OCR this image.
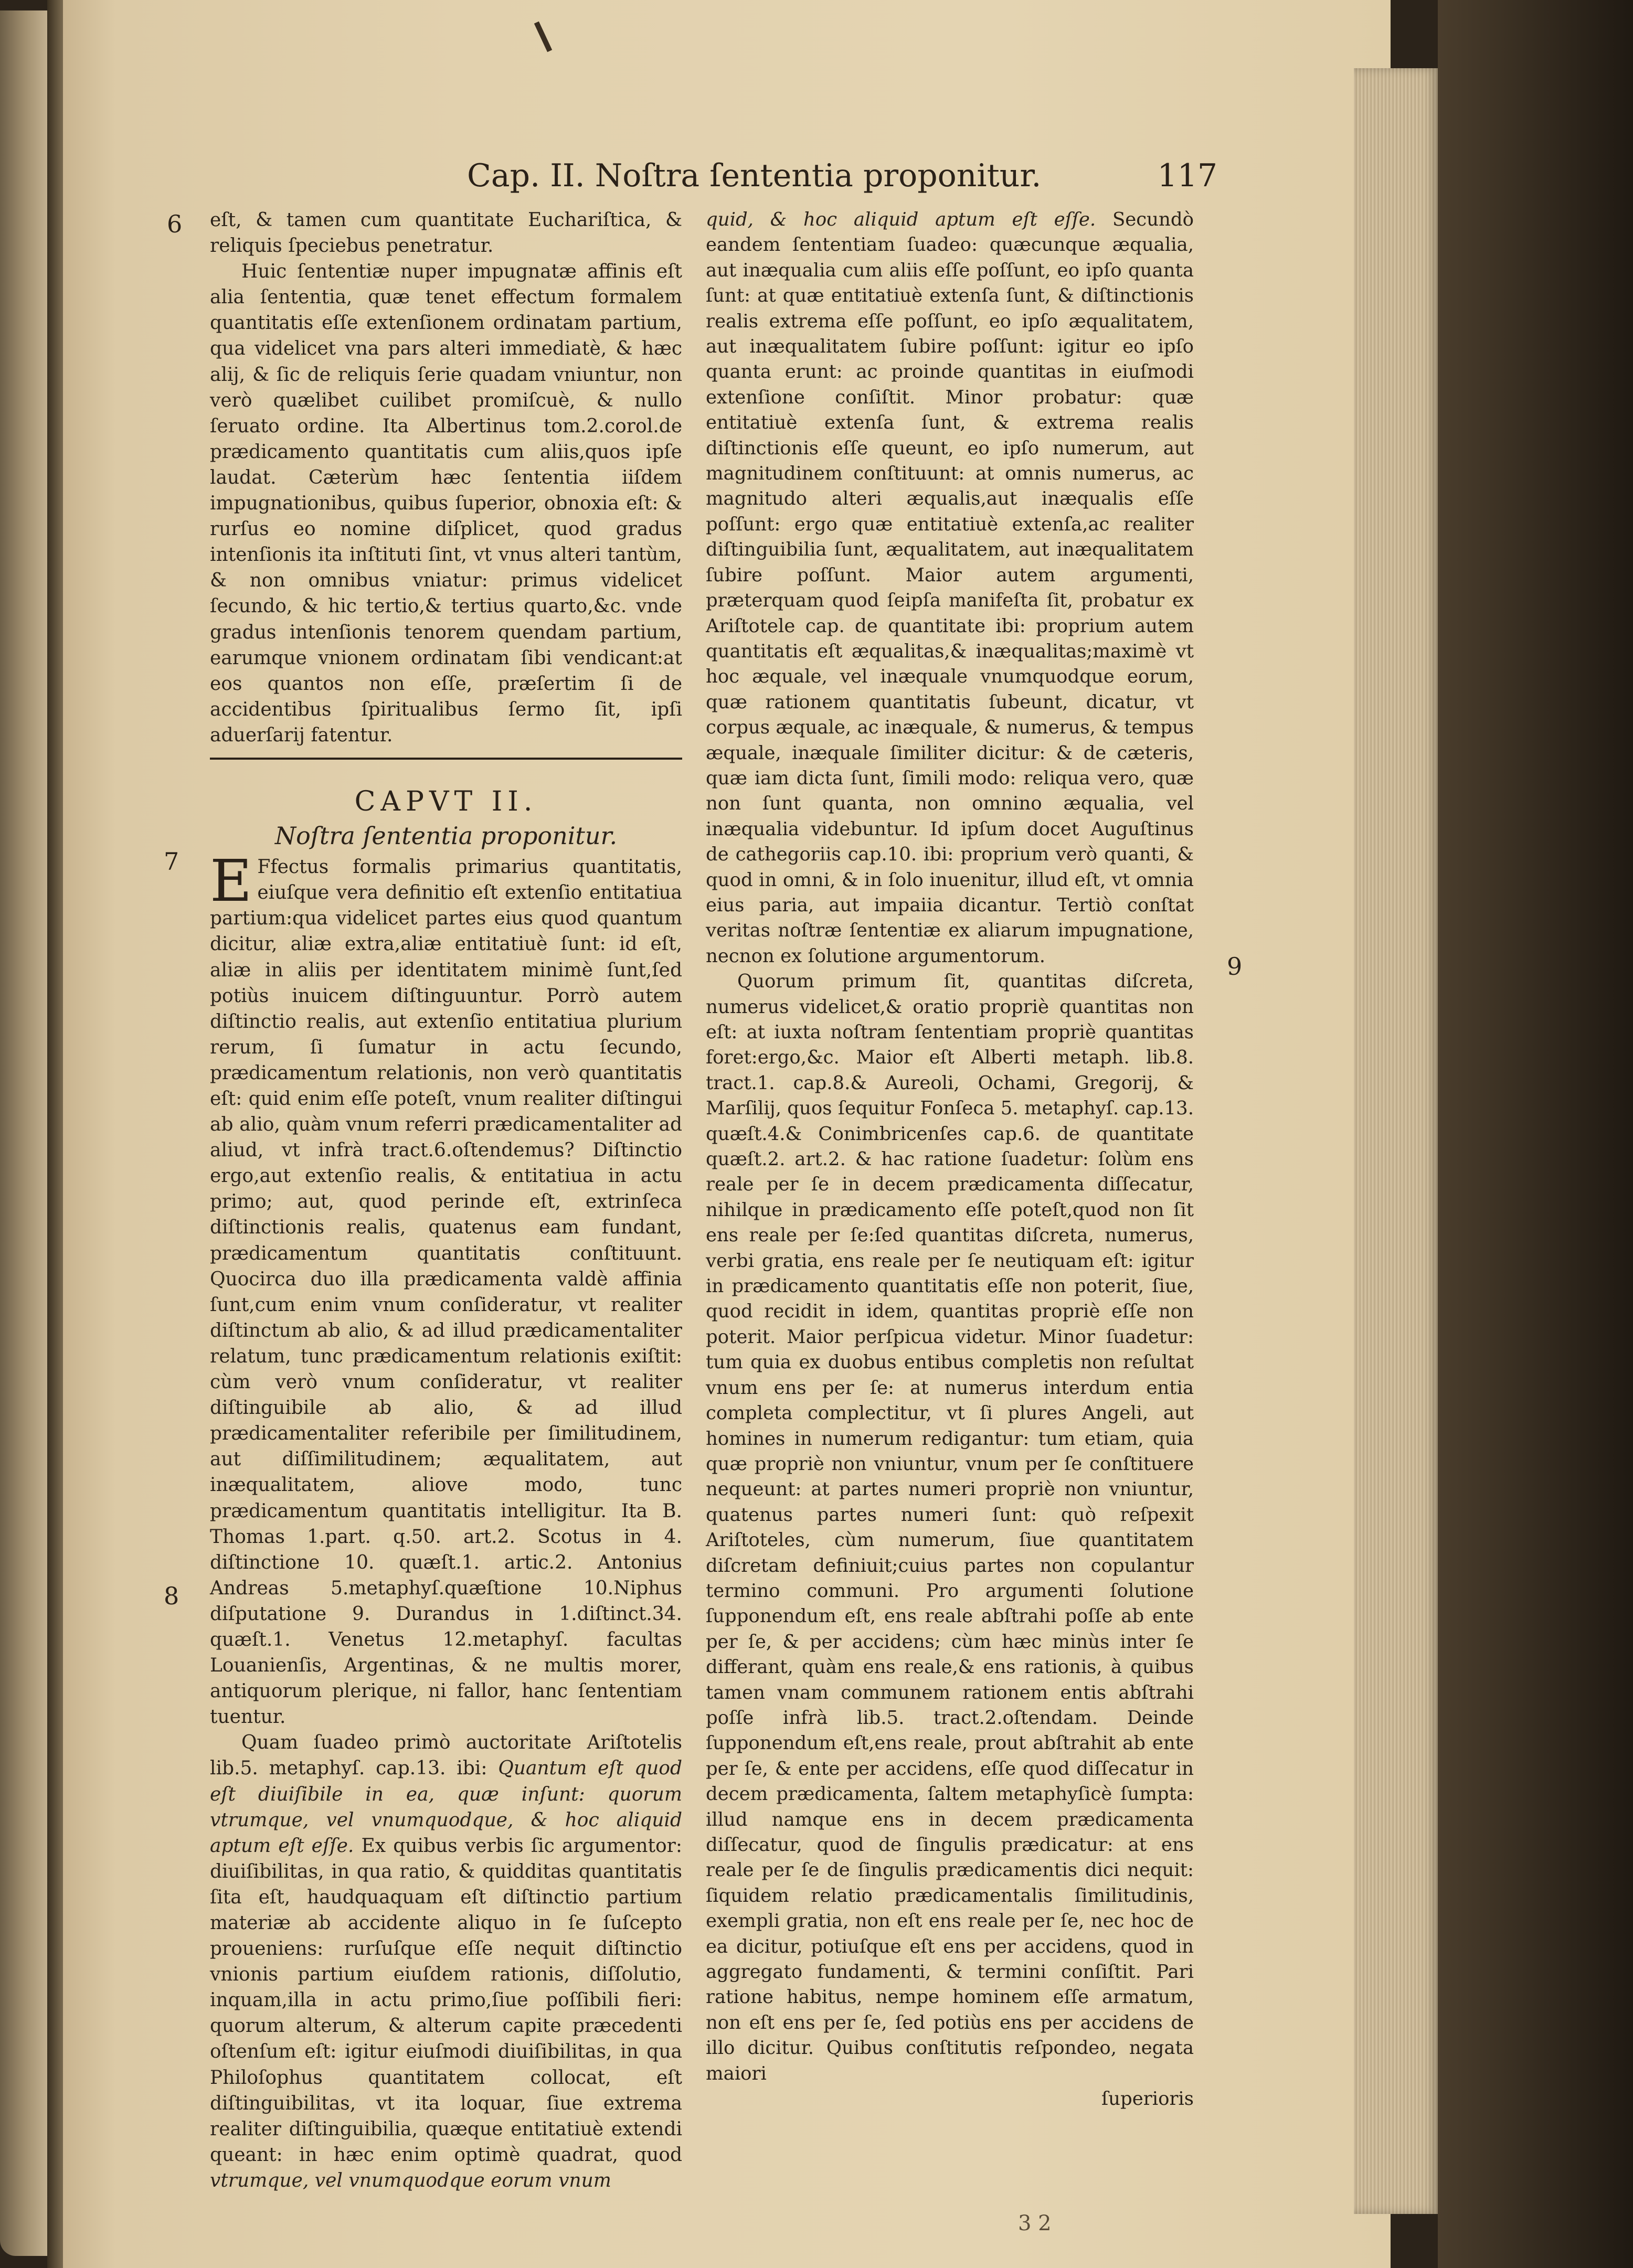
Cap. II. Noſtra ſententia proponitur.	117
6
7
8
9

eſt, & tamen cum quantitate Euchariſtica, & reliquis ſpeciebus penetratur.

Huic ſententiæ nuper impugnatæ affinis eſt alia ſententia, quæ tenet effectum formalem quantitatis eſſe extenſionem ordinatam partium, qua videlicet vna pars alteri immediatè, & hæc alij, & ſic de reliquis ſerie quadam vniuntur, non verò quælibet cuilibet promiſcuè, & nullo ſeruato ordine. Ita Albertinus tom.2.corol.de prædicamento quantitatis cum aliis,quos ipſe laudat. Cæterùm hæc ſententia iiſdem impugnationibus, quibus ſuperior, obnoxia eſt: & rurſus eo nomine diſplicet, quod gradus intenſionis ita inſtituti ſint, vt vnus alteri tantùm, & non omnibus vniatur: primus videlicet ſecundo, & hic tertio,& tertius quarto,&c. vnde gradus intenſionis tenorem quendam partium, earumque vnionem ordinatam ſibi vendicant:at eos quantos non eſſe, præſertim ſi de accidentibus ſpiritualibus ſermo ſit, ipſi aduerſarij fatentur.

CAPVT II.
Noſtra ſententia proponitur.

E Ffectus formalis primarius quantitatis, eiuſque vera definitio eſt extenſio entitatiua partium:qua videlicet partes eius quod quantum dicitur, aliæ extra,aliæ entitatiuè ſunt: id eſt, aliæ in aliis per identitatem minimè ſunt,ſed potiùs inuicem diſtinguuntur. Porrò autem diſtinctio realis, aut extenſio entitatiua plurium rerum, ſi ſumatur in actu ſecundo, prædicamentum relationis, non verò quantitatis eſt: quid enim eſſe poteſt, vnum realiter diſtingui ab alio, quàm vnum referri prædicamentaliter ad aliud, vt infrà tract.6.oſtendemus? Diſtinctio ergo,aut extenſio realis, & entitatiua in actu primo; aut, quod perinde eſt, extrinſeca diſtinctionis realis, quatenus eam fundant, prædicamentum quantitatis conſtituunt. Quocirca duo illa prædicamenta valdè affinia ſunt,cum enim vnum conſideratur, vt realiter diſtinctum ab alio, & ad illud prædicamentaliter relatum, tunc prædicamentum relationis exiſtit: cùm verò vnum conſideratur, vt realiter diſtinguibile ab alio, & ad illud prædicamentaliter referibile per ſimilitudinem, aut diſſimilitudinem; æqualitatem, aut inæqualitatem, aliove modo, tunc prædicamentum quantitatis intelligitur. Ita B. Thomas 1.part. q.50. art.2. Scotus in 4. diſtinctione 10. quæſt.1. artic.2. Antonius Andreas 5.metaphyſ.quæſtione 10.Niphus diſputatione 9. Durandus in 1.diſtinct.34. quæſt.1. Venetus 12.metaphyſ. facultas Louanienſis, Argentinas, & ne multis morer, antiquorum plerique, ni fallor, hanc ſententiam tuentur.

Quam ſuadeo primò auctoritate Ariſtotelis lib.5. metaphyſ. cap.13. ibi: Quantum eſt quod eſt diuiſibile in ea, quæ inſunt: quorum vtrumque, vel vnumquodque, & hoc aliquid aptum eſt eſſe. Ex quibus verbis ſic argumentor: diuiſibilitas, in qua ratio, & quidditas quantitatis ſita eſt, haudquaquam eſt diſtinctio partium materiæ ab accidente aliquo in ſe ſuſcepto proueniens: rurſuſque eſſe nequit diſtinctio vnionis partium eiuſdem rationis, diſſolutio, inquam,illa in actu primo,ſiue poſſibili fieri: quorum alterum, & alterum capite præcedenti oſtenſum eſt: igitur eiuſmodi diuiſibilitas, in qua Philoſophus quantitatem collocat, eſt diſtinguibilitas, vt ita loquar, ſiue extrema realiter diſtinguibilia, quæque entitatiuè extendi queant: in hæc enim optimè quadrat, quod vtrumque, vel vnumquodque eorum vnum

quid, & hoc aliquid aptum eſt eſſe. Secundò eandem ſententiam ſuadeo: quæcunque æqualia, aut inæqualia cum aliis eſſe poſſunt, eo ipſo quanta ſunt: at quæ entitatiuè extenſa ſunt, & diſtinctionis realis extrema eſſe poſſunt, eo ipſo æqualitatem, aut inæqualitatem ſubire poſſunt: igitur eo ipſo quanta erunt: ac proinde quantitas in eiuſmodi extenſione conſiſtit. Minor probatur: quæ entitatiuè extenſa ſunt, & extrema realis diſtinctionis eſſe queunt, eo ipſo numerum, aut magnitudinem conſtituunt: at omnis numerus, ac magnitudo alteri æqualis,aut inæqualis eſſe poſſunt: ergo quæ entitatiuè extenſa,ac realiter diſtinguibilia ſunt, æqualitatem, aut inæqualitatem ſubire poſſunt. Maior autem argumenti, præterquam quod ſeipſa manifeſta ſit, probatur ex Ariſtotele cap. de quantitate ibi: proprium autem quantitatis eſt æqualitas,& inæqualitas;maximè vt hoc æquale, vel inæquale vnumquodque eorum, quæ rationem quantitatis ſubeunt, dicatur, vt corpus æquale, ac inæquale, & numerus, & tempus æquale, inæquale ſimiliter dicitur: & de cæteris, quæ iam dicta ſunt, ſimili modo: reliqua vero, quæ non ſunt quanta, non omnino æqualia, vel inæqualia videbuntur. Id ipſum docet Auguſtinus de cathegoriis cap.10. ibi: proprium verò quanti, & quod in omni, & in ſolo inuenitur, illud eſt, vt omnia eius paria, aut impaiia dicantur. Tertiò conſtat veritas noſtræ ſententiæ ex aliarum impugnatione, necnon ex ſolutione argumentorum.

Quorum primum ſit, quantitas diſcreta, numerus videlicet,& oratio propriè quantitas non eſt: at iuxta noſtram ſententiam propriè quantitas foret:ergo,&c. Maior eſt Alberti metaph. lib.8. tract.1. cap.8.& Aureoli, Ochami, Gregorij, & Marſilij, quos ſequitur Fonſeca 5. metaphyſ. cap.13. quæſt.4.& Conimbricenſes cap.6. de quantitate quæſt.2. art.2. & hac ratione ſuadetur: ſolùm ens reale per ſe in decem prædicamenta diſſecatur, nihilque in prædicamento eſſe poteſt,quod non ſit ens reale per ſe:ſed quantitas diſcreta, numerus, verbi gratia, ens reale per ſe neutiquam eſt: igitur in prædicamento quantitatis eſſe non poterit, ſiue, quod recidit in idem, quantitas propriè eſſe non poterit. Maior perſpicua videtur. Minor ſuadetur: tum quia ex duobus entibus completis non reſultat vnum ens per ſe: at numerus interdum entia completa complectitur, vt ſi plures Angeli, aut homines in numerum redigantur: tum etiam, quia quæ propriè non vniuntur, vnum per ſe conſtituere nequeunt: at partes numeri propriè non vniuntur, quatenus partes numeri ſunt: quò reſpexit Ariſtoteles, cùm numerum, ſiue quantitatem diſcretam definiuit;cuius partes non copulantur termino communi. Pro argumenti ſolutione ſupponendum eſt, ens reale abſtrahi poſſe ab ente per ſe, & per accidens; cùm hæc minùs inter ſe differant, quàm ens reale,& ens rationis, à quibus tamen vnam communem rationem entis abſtrahi poſſe infrà lib.5. tract.2.oſtendam. Deinde ſupponendum eſt,ens reale, prout abſtrahit ab ente per ſe, & ente per accidens, eſſe quod diſſecatur in decem prædicamenta, ſaltem metaphyſicè ſumpta: illud namque ens in decem prædicamenta diſſecatur, quod de ſingulis prædicatur: at ens reale per ſe de ſingulis prædicamentis dici nequit: ſiquidem relatio prædicamentalis ſimilitudinis, exempli gratia, non eſt ens reale per ſe, nec hoc de ea dicitur, potiuſque eſt ens per accidens, quod in aggregato fundamenti, & termini conſiſtit. Pari ratione habitus, nempe hominem eſſe armatum, non eſt ens per ſe, ſed potiùs ens per accidens de illo dicitur. Quibus conſtitutis reſpondeo, negata maiori

ſuperioris

3 2
